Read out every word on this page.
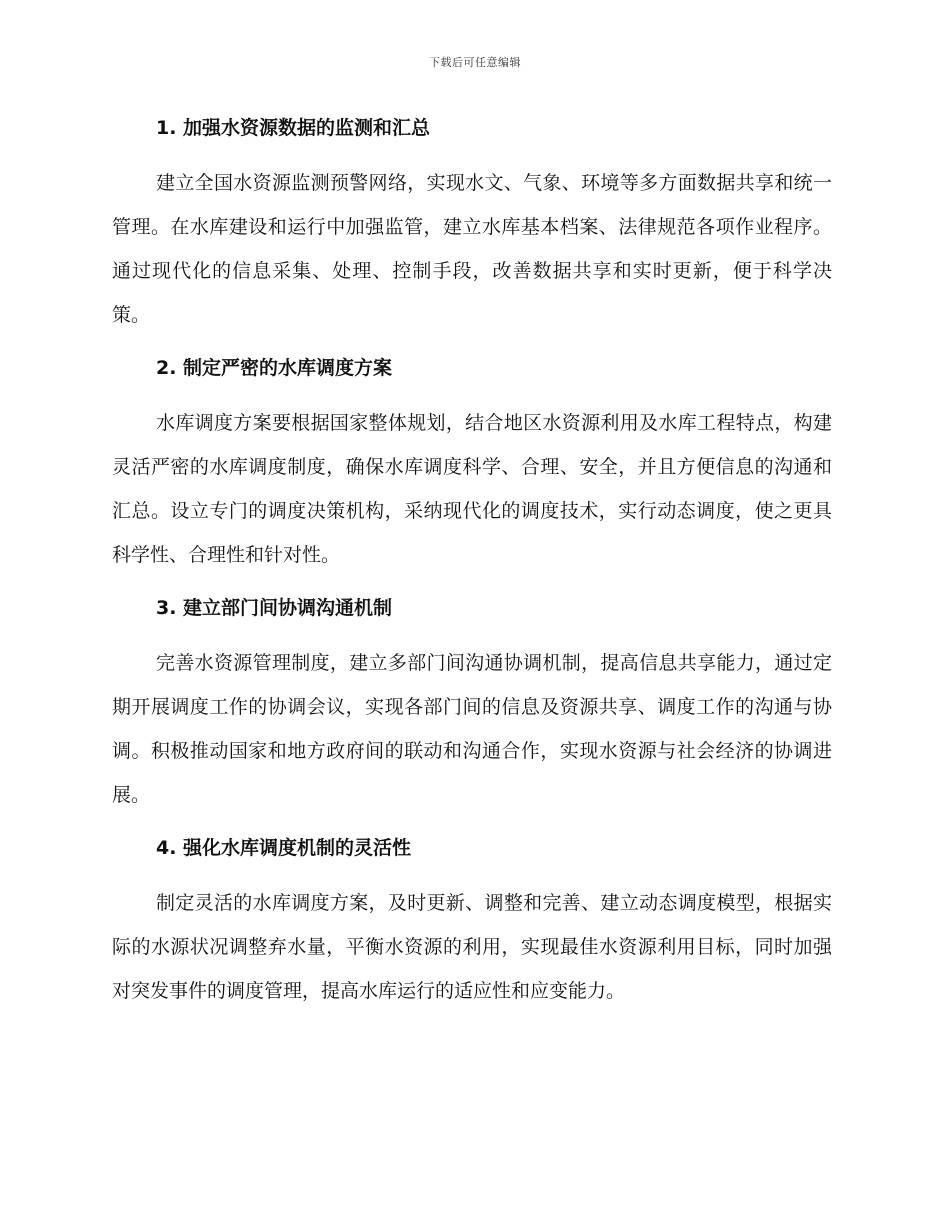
下载后可任意编辑
1. 加强水资源数据的监测和汇总

建立全国水资源监测预警网络，实现水文、气象、环境等多方面数据共享和统一管理。在水库建设和运行中加强监管，建立水库基本档案、法律规范各项作业程序。通过现代化的信息采集、处理、控制手段，改善数据共享和实时更新，便于科学决策。

2. 制定严密的水库调度方案

水库调度方案要根据国家整体规划，结合地区水资源利用及水库工程特点，构建灵活严密的水库调度制度，确保水库调度科学、合理、安全，并且方便信息的沟通和汇总。设立专门的调度决策机构，采纳现代化的调度技术，实行动态调度，使之更具科学性、合理性和针对性。

3. 建立部门间协调沟通机制

完善水资源管理制度，建立多部门间沟通协调机制，提高信息共享能力，通过定期开展调度工作的协调会议，实现各部门间的信息及资源共享、调度工作的沟通与协调。积极推动国家和地方政府间的联动和沟通合作，实现水资源与社会经济的协调进展。

4. 强化水库调度机制的灵活性

制定灵活的水库调度方案，及时更新、调整和完善、建立动态调度模型，根据实际的水源状况调整弃水量，平衡水资源的利用，实现最佳水资源利用目标，同时加强对突发事件的调度管理，提高水库运行的适应性和应变能力。
